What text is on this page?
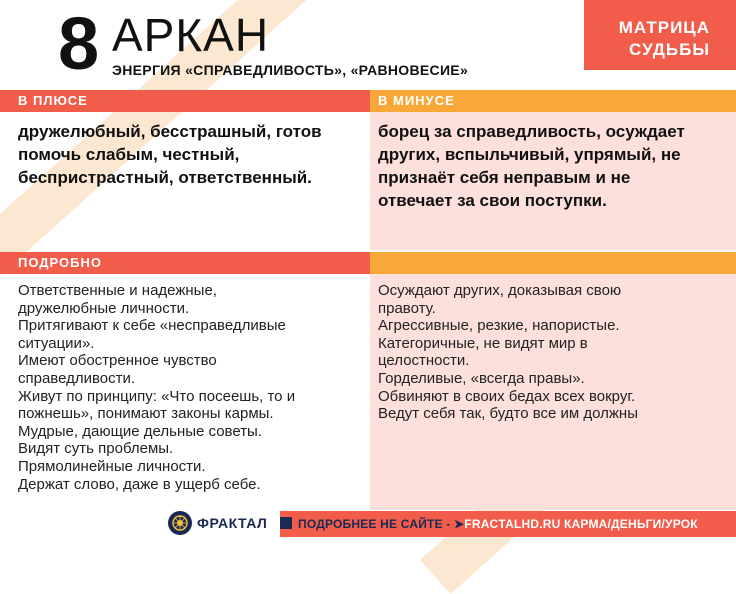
8 АРКАН
ЭНЕРГИЯ «СПРАВЕДЛИВОСТЬ», «РАВНОВЕСИЕ»
МАТРИЦА
СУДЬБЫ
В ПЛЮСЕ	В МИНУСЕ
дружелюбный, бесстрашный, готов
помочь слабым, честный,
беспристрастный, ответственный.
борец за справедливость, осуждает
других, вспыльчивый, упрямый, не
признаёт себя неправым и не
отвечает за свои поступки.
ПОДРОБНО
Ответственные и надежные,
дружелюбные личности.
Притягивают к себе «несправедливые
ситуации».
Имеют обостренное чувство
справедливости.
Живут по принципу: «Что посеешь, то и
пожнешь», понимают законы кармы.
Мудрые, дающие дельные советы.
Видят суть проблемы.
Прямолинейные личности.
Держат слово, даже в ущерб себе.
Осуждают других, доказывая свою
правоту.
Агрессивные, резкие, напористые.
Категоричные, не видят мир в
целостности.
Горделивые, «всегда правы».
Обвиняют в своих бедах всех вокруг.
Ведут себя так, будто все им должны
ФРАКТАЛ	ПОДРОБНЕЕ НЕ САЙТЕ - ➤FRACTALHD.RU КАРМА/ДЕНЬГИ/УРОК
